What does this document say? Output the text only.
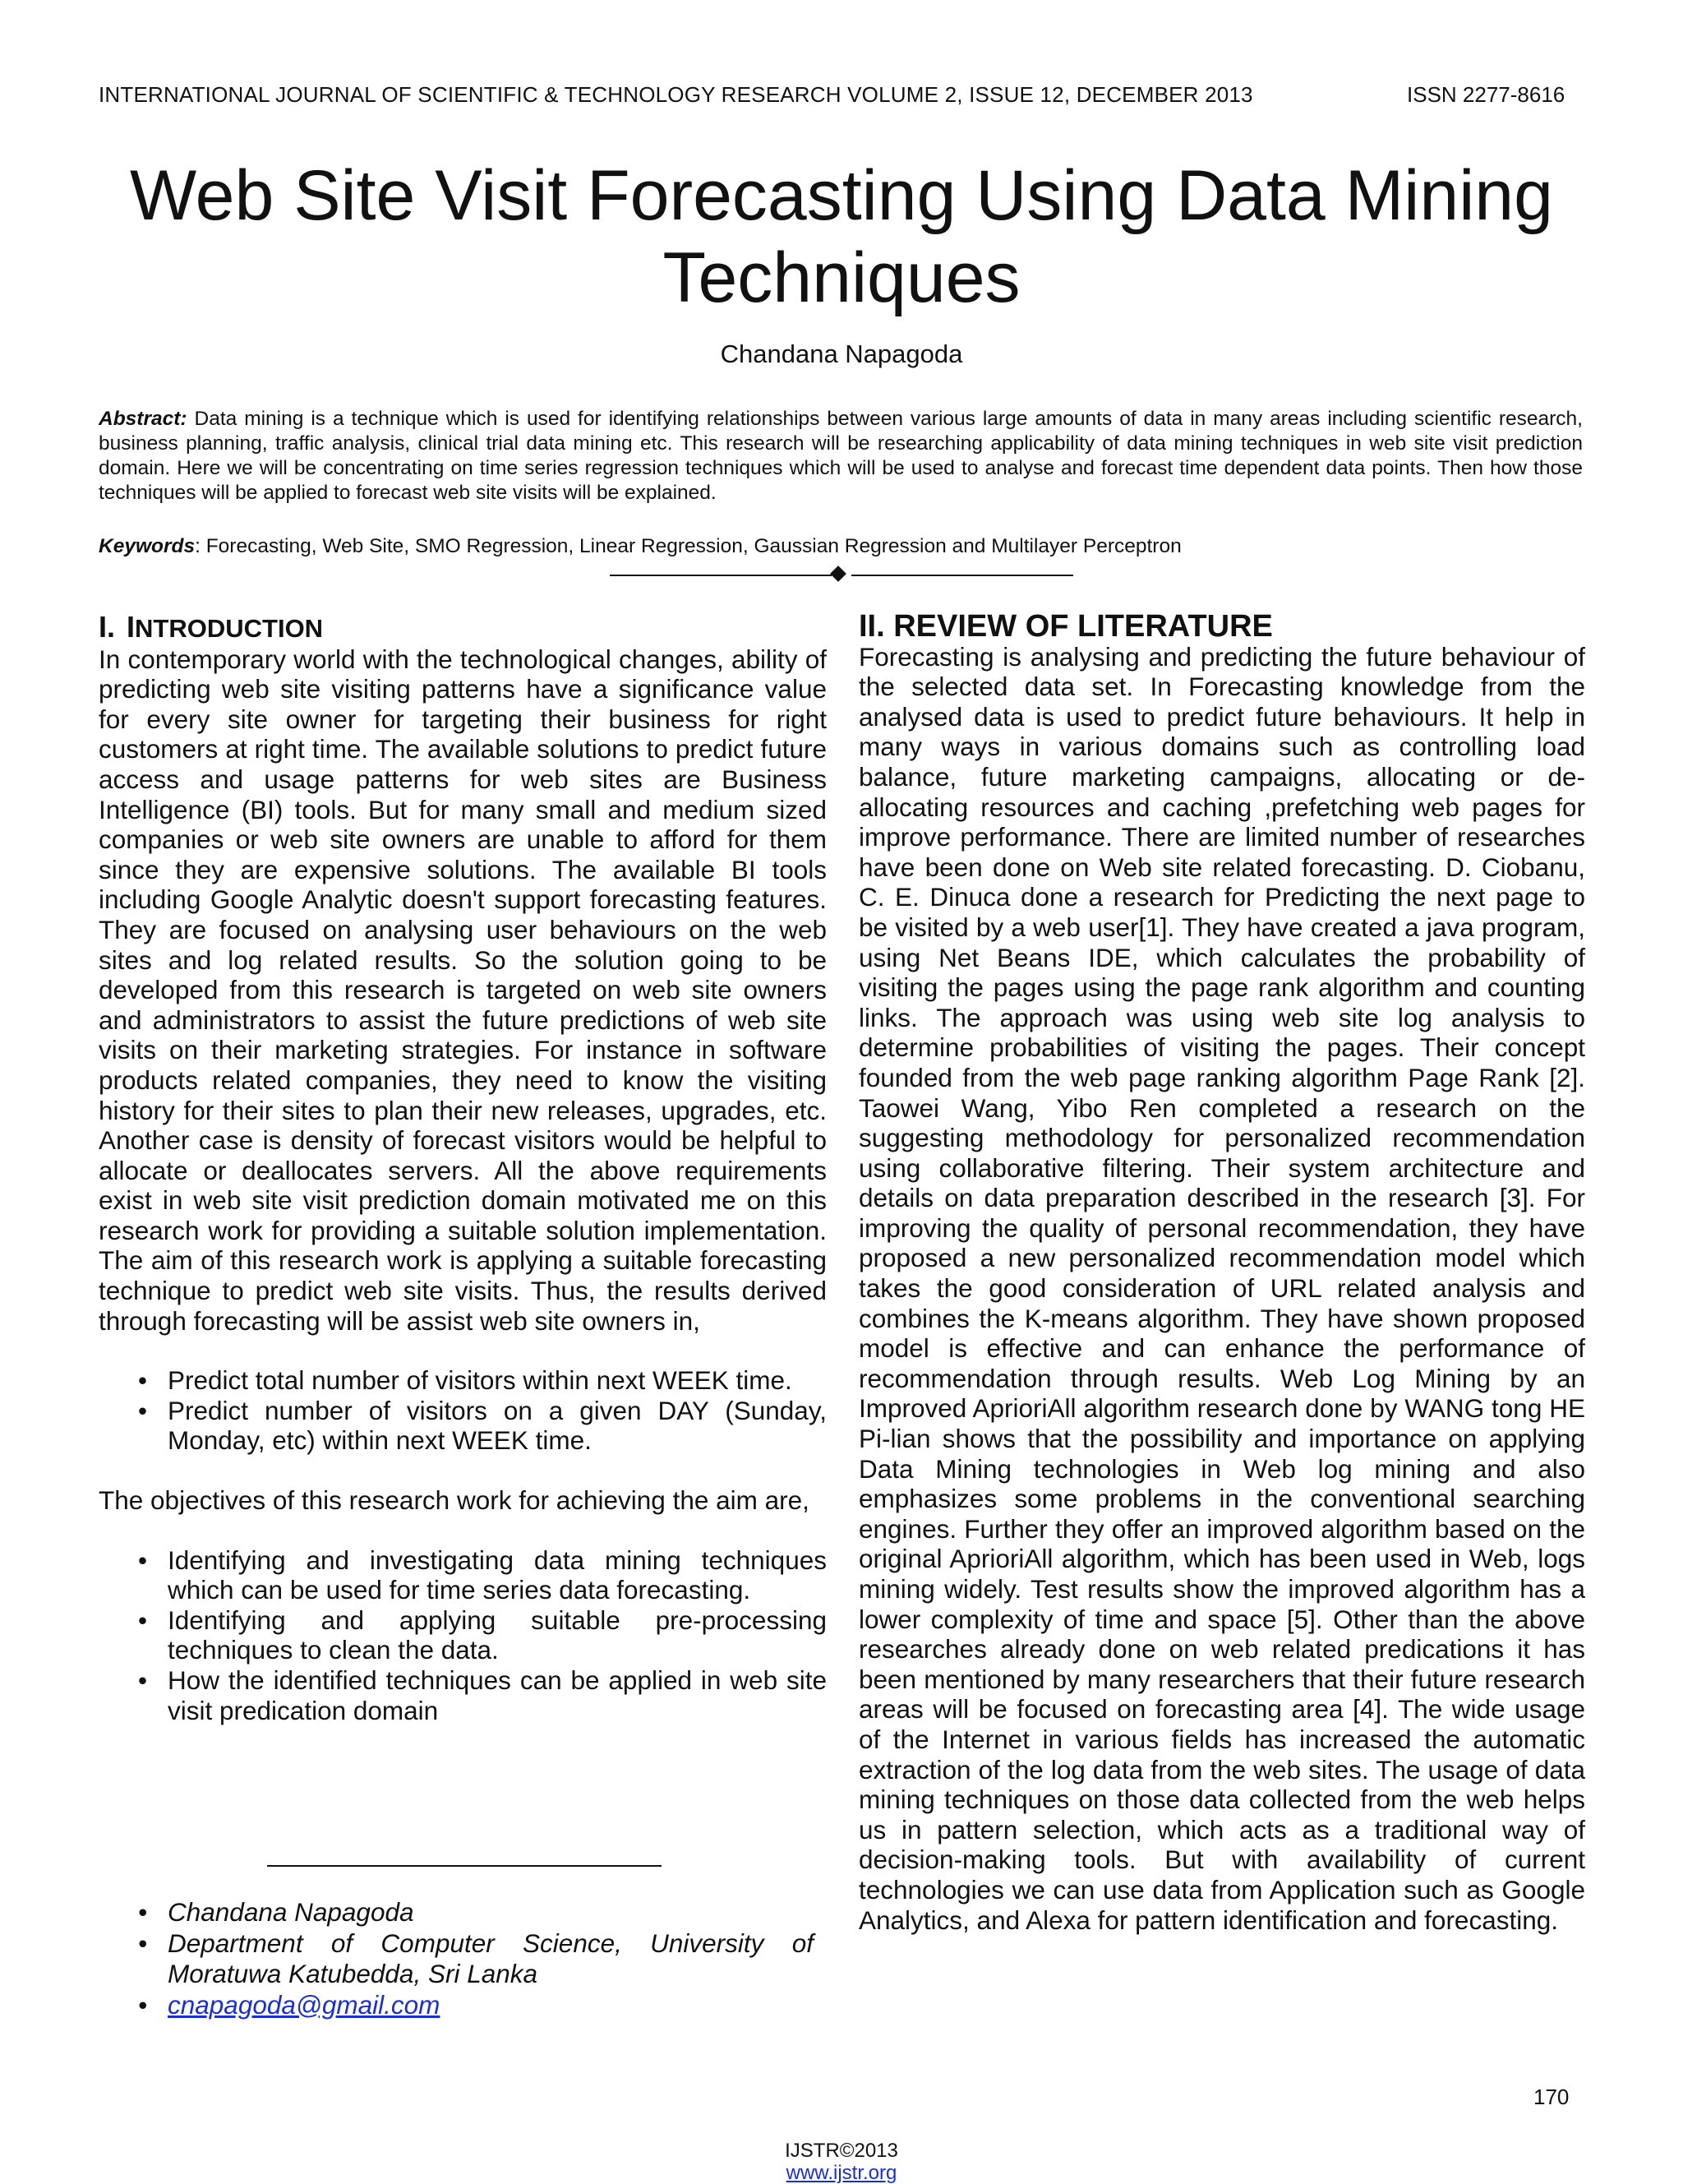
INTERNATIONAL JOURNAL OF SCIENTIFIC & TECHNOLOGY RESEARCH VOLUME 2, ISSUE 12, DECEMBER 2013	ISSN 2277-8616
Web Site Visit Forecasting Using Data Mining
Techniques
Chandana Napagoda
Abstract: Data mining is a technique which is used for identifying relationships between various large amounts of data in many areas including scientific research, business planning, traffic analysis, clinical trial data mining etc. This research will be researching applicability of data mining techniques in web site visit prediction domain. Here we will be concentrating on time series regression techniques which will be used to analyse and forecast time dependent data points. Then how those techniques will be applied to forecast web site visits will be explained.
Keywords: Forecasting, Web Site, SMO Regression, Linear Regression, Gaussian Regression and Multilayer Perceptron
I. INTRODUCTION
In contemporary world with the technological changes, ability of predicting web site visiting patterns have a significance value for every site owner for targeting their business for right customers at right time. The available solutions to predict future access and usage patterns for web sites are Business Intelligence (BI) tools. But for many small and medium sized companies or web site owners are unable to afford for them since they are expensive solutions. The available BI tools including Google Analytic doesn't support forecasting features. They are focused on analysing user behaviours on the web sites and log related results. So the solution going to be developed from this research is targeted on web site owners and administrators to assist the future predictions of web site visits on their marketing strategies. For instance in software products related companies, they need to know the visiting history for their sites to plan their new releases, upgrades, etc. Another case is density of forecast visitors would be helpful to allocate or deallocates servers. All the above requirements exist in web site visit prediction domain motivated me on this research work for providing a suitable solution implementation. The aim of this research work is applying a suitable forecasting technique to predict web site visits. Thus, the results derived through forecasting will be assist web site owners in,
• Predict total number of visitors within next WEEK time.
• Predict number of visitors on a given DAY (Sunday, Monday, etc) within next WEEK time.
The objectives of this research work for achieving the aim are,
• Identifying and investigating data mining techniques which can be used for time series data forecasting.
• Identifying and applying suitable pre-processing techniques to clean the data.
• How the identified techniques can be applied in web site visit predication domain
• Chandana Napagoda
• Department of Computer Science, University of Moratuwa Katubedda, Sri Lanka
• cnapagoda@gmail.com
II. REVIEW OF LITERATURE
Forecasting is analysing and predicting the future behaviour of the selected data set. In Forecasting knowledge from the analysed data is used to predict future behaviours. It help in many ways in various domains such as controlling load balance, future marketing campaigns, allocating or de-allocating resources and caching ,prefetching web pages for improve performance. There are limited number of researches have been done on Web site related forecasting. D. Ciobanu, C. E. Dinuca done a research for Predicting the next page to be visited by a web user[1]. They have created a java program, using Net Beans IDE, which calculates the probability of visiting the pages using the page rank algorithm and counting links. The approach was using web site log analysis to determine probabilities of visiting the pages. Their concept founded from the web page ranking algorithm Page Rank [2]. Taowei Wang, Yibo Ren completed a research on the suggesting methodology for personalized recommendation using collaborative filtering. Their system architecture and details on data preparation described in the research [3]. For improving the quality of personal recommendation, they have proposed a new personalized recommendation model which takes the good consideration of URL related analysis and combines the K-means algorithm. They have shown proposed model is effective and can enhance the performance of recommendation through results. Web Log Mining by an Improved AprioriAll algorithm research done by WANG tong HE Pi-lian shows that the possibility and importance on applying Data Mining technologies in Web log mining and also emphasizes some problems in the conventional searching engines. Further they offer an improved algorithm based on the original AprioriAll algorithm, which has been used in Web, logs mining widely. Test results show the improved algorithm has a lower complexity of time and space [5]. Other than the above researches already done on web related predications it has been mentioned by many researchers that their future research areas will be focused on forecasting area [4]. The wide usage of the Internet in various fields has increased the automatic extraction of the log data from the web sites. The usage of data mining techniques on those data collected from the web helps us in pattern selection, which acts as a traditional way of decision-making tools. But with availability of current technologies we can use data from Application such as Google Analytics, and Alexa for pattern identification and forecasting.
170
IJSTR©2013
www.ijstr.org
